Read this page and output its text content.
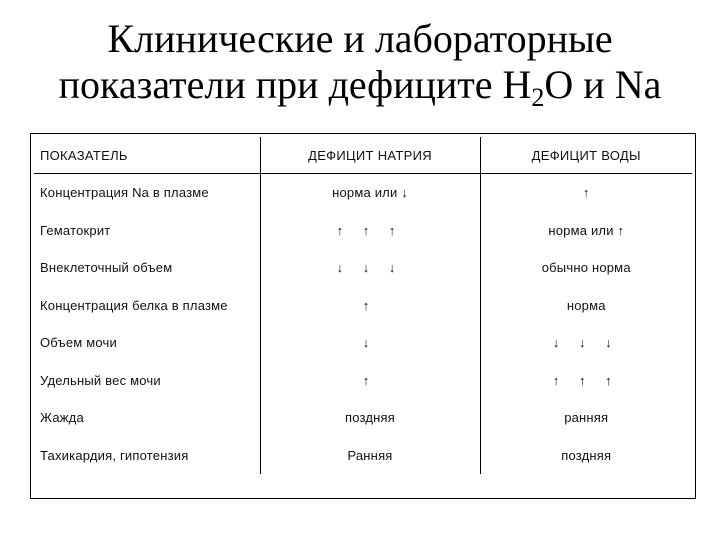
Клинические и лабораторные
показатели при дефиците $H_2O$ и Na
ПОКАЗАТЕЛЬ	ДЕФИЦИТ НАТРИЯ	ДЕФИЦИТ ВОДЫ
Концентрация Na в плазме	норма или ↓	↑
Гематокрит	↑ ↑ ↑	норма или ↑
Внеклеточный объем	↓ ↓ ↓	обычно норма
Концентрация белка в плазме	↑	норма
Объем мочи	↓	↓ ↓ ↓
Удельный вес мочи	↑	↑ ↑ ↑
Жажда	поздняя	ранняя
Тахикардия, гипотензия	Ранняя	поздняя
